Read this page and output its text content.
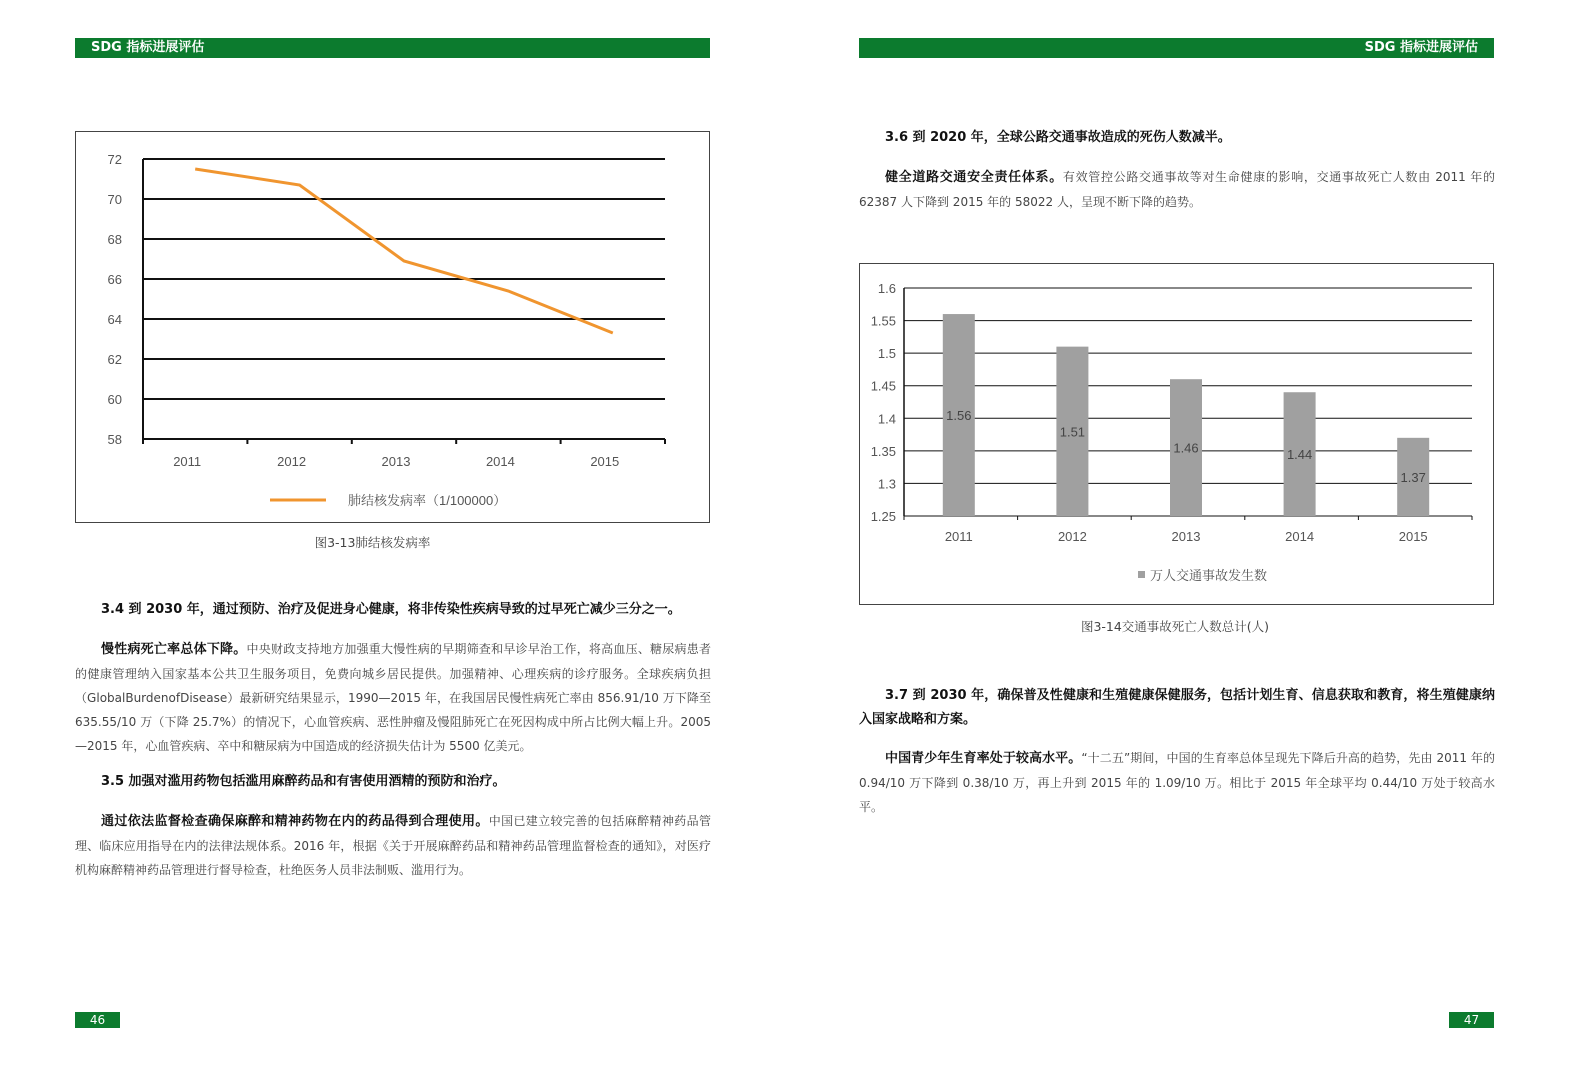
SDG 指标进展评估	SDG 指标进展评估
58
60
62
64
66
68
70
72
2011	2012	2013	2014	2015
肺结核发病率（1/100000）
图3-13肺结核发病率
3.4 到 2030 年，通过预防、治疗及促进身心健康，将非传染性疾病导致的过早死亡减少三分之一。
慢性病死亡率总体下降。中央财政支持地方加强重大慢性病的早期筛查和早诊早治工作，将高血压、糖尿病患者的健康管理纳入国家基本公共卫生服务项目，免费向城乡居民提供。加强精神、心理疾病的诊疗服务。全球疾病负担（GlobalBurdenofDisease）最新研究结果显示，1990—2015 年，在我国居民慢性病死亡率由 856.91/10 万下降至 635.55/10 万（下降 25.7%）的情况下，心血管疾病、恶性肿瘤及慢阻肺死亡在死因构成中所占比例大幅上升。2005—2015 年，心血管疾病、卒中和糖尿病为中国造成的经济损失估计为 5500 亿美元。
3.5 加强对滥用药物包括滥用麻醉药品和有害使用酒精的预防和治疗。
通过依法监督检查确保麻醉和精神药物在内的药品得到合理使用。中国已建立较完善的包括麻醉精神药品管理、临床应用指导在内的法律法规体系。2016 年，根据《关于开展麻醉药品和精神药品管理监督检查的通知》，对医疗机构麻醉精神药品管理进行督导检查，杜绝医务人员非法制贩、滥用行为。
3.6 到 2020 年，全球公路交通事故造成的死伤人数减半。
健全道路交通安全责任体系。有效管控公路交通事故等对生命健康的影响，交通事故死亡人数由 2011 年的 62387 人下降到 2015 年的 58022 人，呈现不断下降的趋势。
1.25
1.3
1.35
1.4
1.45
1.5
1.55
1.6
1.56
2011
1.51
2012
1.46
2013
1.44
2014
1.37
2015
万人交通事故发生数
图3-14交通事故死亡人数总计(人)
3.7 到 2030 年，确保普及性健康和生殖健康保健服务，包括计划生育、信息获取和教育，将生殖健康纳入国家战略和方案。
中国青少年生育率处于较高水平。“十二五”期间，中国的生育率总体呈现先下降后升高的趋势，先由 2011 年的 0.94/10 万下降到 0.38/10 万，再上升到 2015 年的 1.09/10 万。相比于 2015 年全球平均 0.44/10 万处于较高水平。
46	47
